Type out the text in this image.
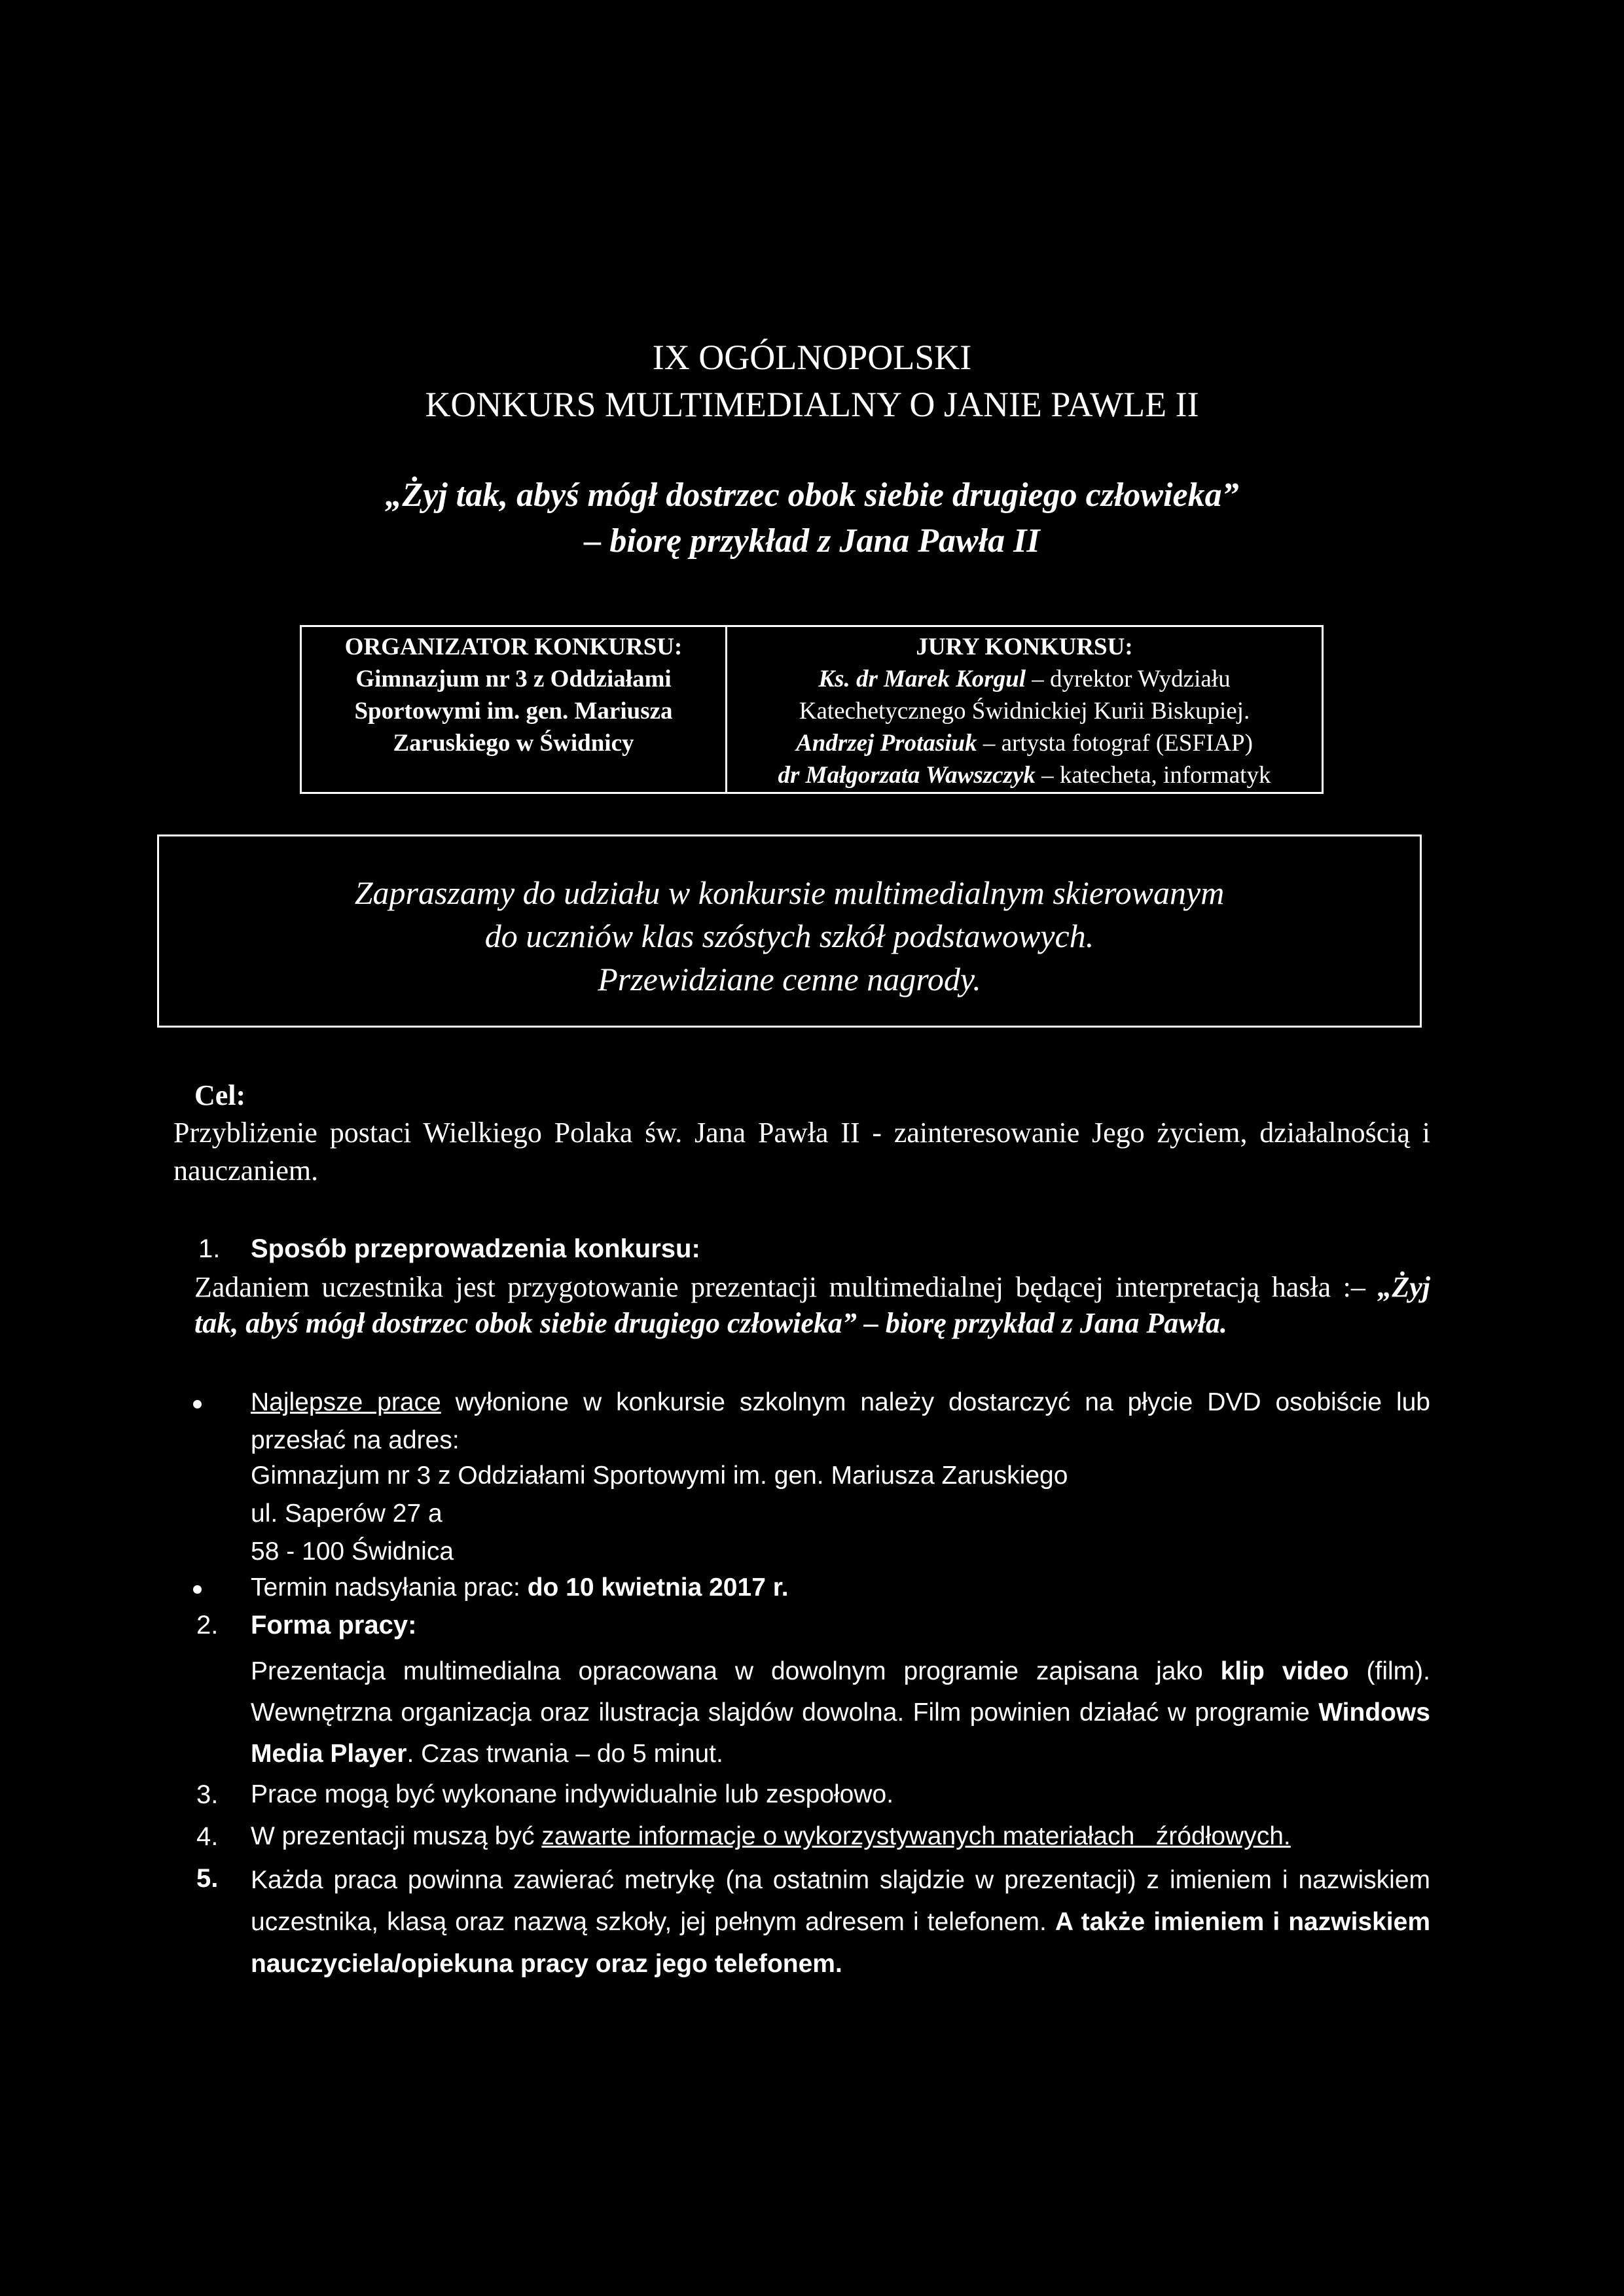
IX OGÓLNOPOLSKI
KONKURS MULTIMEDIALNY O JANIE PAWLE II
„Żyj tak, abyś mógł dostrzec obok siebie drugiego człowieka”
– biorę przykład z Jana Pawła II
ORGANIZATOR KONKURSU:
Gimnazjum nr 3 z Oddziałami
Sportowymi im. gen. Mariusza
Zaruskiego w Świdnicy
JURY KONKURSU:
Ks. dr Marek Korgul – dyrektor Wydziału
Katechetycznego Świdnickiej Kurii Biskupiej.
Andrzej Protasiuk – artysta fotograf (ESFIAP)
dr Małgorzata Wawszczyk – katecheta, informatyk
Zapraszamy do udziału w konkursie multimedialnym skierowanym
do uczniów klas szóstych szkół podstawowych.
Przewidziane cenne nagrody.
Cel:
Przybliżenie postaci Wielkiego Polaka św. Jana Pawła II - zainteresowanie Jego życiem, działalnością i nauczaniem.
1. Sposób przeprowadzenia konkursu:
Zadaniem uczestnika jest przygotowanie prezentacji multimedialnej będącej interpretacją hasła :– „Żyj tak, abyś mógł dostrzec obok siebie drugiego człowieka” – biorę przykład z Jana Pawła.
Najlepsze prace wyłonione w konkursie szkolnym należy dostarczyć na płycie DVD osobiście lub przesłać na adres:
Gimnazjum nr 3 z Oddziałami Sportowymi im. gen. Mariusza Zaruskiego
ul. Saperów 27 a
58 - 100 Świdnica
Termin nadsyłania prac: do 10 kwietnia 2017 r.
2. Forma pracy:
Prezentacja multimedialna opracowana w dowolnym programie zapisana jako klip video (film). Wewnętrzna organizacja oraz ilustracja slajdów dowolna. Film powinien działać w programie Windows Media Player. Czas trwania – do 5 minut.
3. Prace mogą być wykonane indywidualnie lub zespołowo.
4. W prezentacji muszą być zawarte informacje o wykorzystywanych materiałach   źródłowych.
5. Każda praca powinna zawierać metrykę (na ostatnim slajdzie w prezentacji) z imieniem i nazwiskiem uczestnika, klasą oraz nazwą szkoły, jej pełnym adresem i telefonem. A także imieniem i nazwiskiem nauczyciela/opiekuna pracy oraz jego telefonem.
